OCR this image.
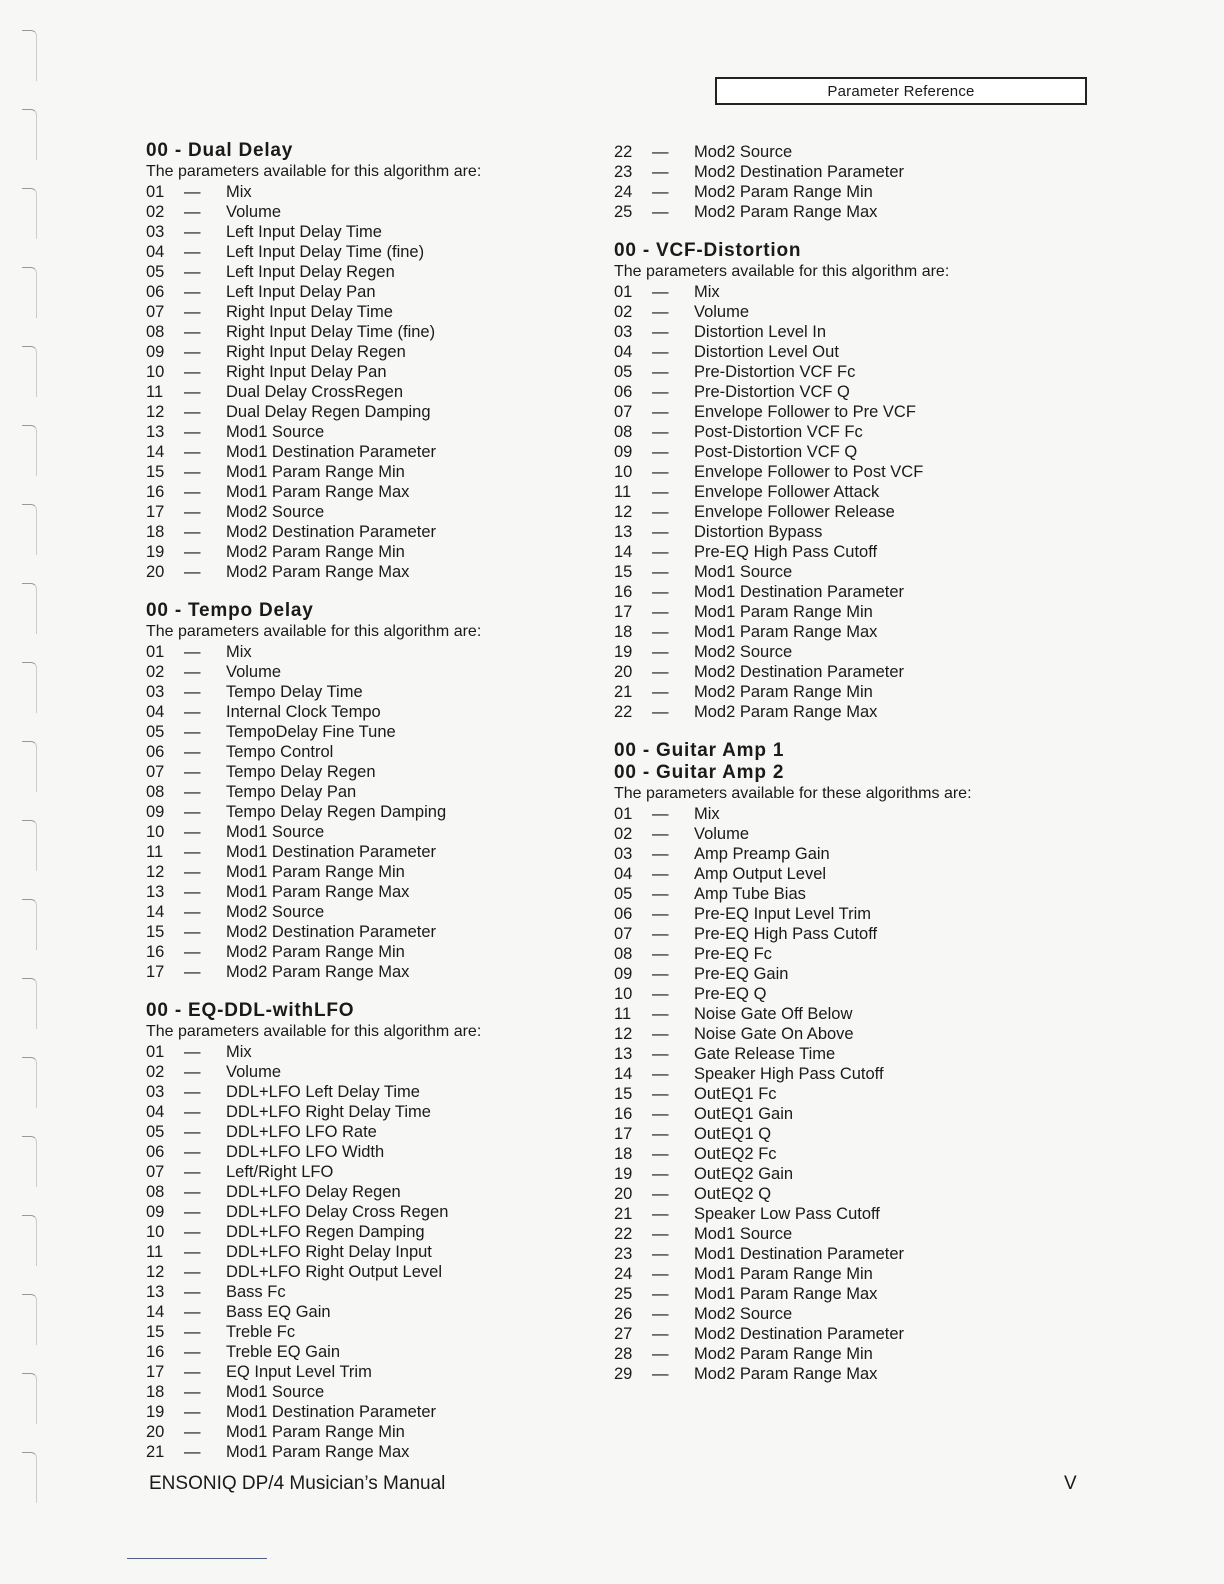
Parameter Reference
00 - Dual Delay
The parameters available for this algorithm are:
01	—	Mix
02	—	Volume
03	—	Left Input Delay Time
04	—	Left Input Delay Time (fine)
05	—	Left Input Delay Regen
06	—	Left Input Delay Pan
07	—	Right Input Delay Time
08	—	Right Input Delay Time (fine)
09	—	Right Input Delay Regen
10	—	Right Input Delay Pan
11	—	Dual Delay CrossRegen
12	—	Dual Delay Regen Damping
13	—	Mod1 Source
14	—	Mod1 Destination Parameter
15	—	Mod1 Param Range Min
16	—	Mod1 Param Range Max
17	—	Mod2 Source
18	—	Mod2 Destination Parameter
19	—	Mod2 Param Range Min
20	—	Mod2 Param Range Max
00 - Tempo Delay
The parameters available for this algorithm are:
01	—	Mix
02	—	Volume
03	—	Tempo Delay Time
04	—	Internal Clock Tempo
05	—	TempoDelay Fine Tune
06	—	Tempo Control
07	—	Tempo Delay Regen
08	—	Tempo Delay Pan
09	—	Tempo Delay Regen Damping
10	—	Mod1 Source
11	—	Mod1 Destination Parameter
12	—	Mod1 Param Range Min
13	—	Mod1 Param Range Max
14	—	Mod2 Source
15	—	Mod2 Destination Parameter
16	—	Mod2 Param Range Min
17	—	Mod2 Param Range Max
00 - EQ-DDL-withLFO
The parameters available for this algorithm are:
01	—	Mix
02	—	Volume
03	—	DDL+LFO Left Delay Time
04	—	DDL+LFO Right Delay Time
05	—	DDL+LFO LFO Rate
06	—	DDL+LFO LFO Width
07	—	Left/Right LFO
08	—	DDL+LFO Delay Regen
09	—	DDL+LFO Delay Cross Regen
10	—	DDL+LFO Regen Damping
11	—	DDL+LFO Right Delay Input
12	—	DDL+LFO Right Output Level
13	—	Bass Fc
14	—	Bass EQ Gain
15	—	Treble Fc
16	—	Treble EQ Gain
17	—	EQ Input Level Trim
18	—	Mod1 Source
19	—	Mod1 Destination Parameter
20	—	Mod1 Param Range Min
21	—	Mod1 Param Range Max
22	—	Mod2 Source
23	—	Mod2 Destination Parameter
24	—	Mod2 Param Range Min
25	—	Mod2 Param Range Max
00 - VCF-Distortion
The parameters available for this algorithm are:
01	—	Mix
02	—	Volume
03	—	Distortion Level In
04	—	Distortion Level Out
05	—	Pre-Distortion VCF Fc
06	—	Pre-Distortion VCF Q
07	—	Envelope Follower to Pre VCF
08	—	Post-Distortion VCF Fc
09	—	Post-Distortion VCF Q
10	—	Envelope Follower to Post VCF
11	—	Envelope Follower Attack
12	—	Envelope Follower Release
13	—	Distortion Bypass
14	—	Pre-EQ High Pass Cutoff
15	—	Mod1 Source
16	—	Mod1 Destination Parameter
17	—	Mod1 Param Range Min
18	—	Mod1 Param Range Max
19	—	Mod2 Source
20	—	Mod2 Destination Parameter
21	—	Mod2 Param Range Min
22	—	Mod2 Param Range Max
00 - Guitar Amp 1
00 - Guitar Amp 2
The parameters available for these algorithms are:
01	—	Mix
02	—	Volume
03	—	Amp Preamp Gain
04	—	Amp Output Level
05	—	Amp Tube Bias
06	—	Pre-EQ Input Level Trim
07	—	Pre-EQ High Pass Cutoff
08	—	Pre-EQ Fc
09	—	Pre-EQ Gain
10	—	Pre-EQ Q
11	—	Noise Gate Off Below
12	—	Noise Gate On Above
13	—	Gate Release Time
14	—	Speaker High Pass Cutoff
15	—	OutEQ1 Fc
16	—	OutEQ1 Gain
17	—	OutEQ1 Q
18	—	OutEQ2 Fc
19	—	OutEQ2 Gain
20	—	OutEQ2 Q
21	—	Speaker Low Pass Cutoff
22	—	Mod1 Source
23	—	Mod1 Destination Parameter
24	—	Mod1 Param Range Min
25	—	Mod1 Param Range Max
26	—	Mod2 Source
27	—	Mod2 Destination Parameter
28	—	Mod2 Param Range Min
29	—	Mod2 Param Range Max
ENSONIQ DP/4 Musician’s Manual	V
